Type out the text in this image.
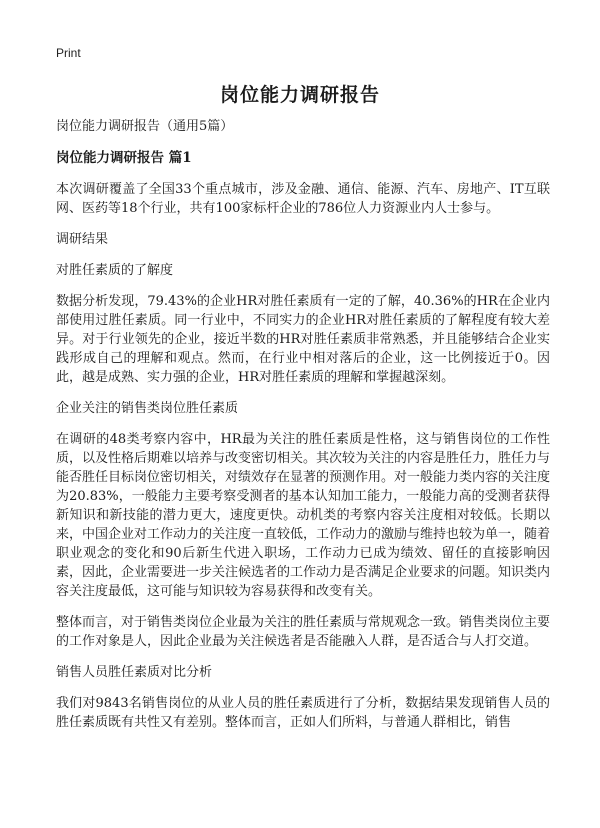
Print
岗位能力调研报告

岗位能力调研报告（通用5篇）

岗位能力调研报告 篇1

本次调研覆盖了全国33个重点城市，涉及金融、通信、能源、汽车、房地产、IT互联网、医药等18个行业，共有100家标杆企业的786位人力资源业内人士参与。

调研结果

对胜任素质的了解度

数据分析发现，79.43%的企业HR对胜任素质有一定的了解，40.36%的HR在企业内部使用过胜任素质。同一行业中，不同实力的企业HR对胜任素质的了解程度有较大差异。对于行业领先的企业，接近半数的HR对胜任素质非常熟悉，并且能够结合企业实践形成自己的理解和观点。然而，在行业中相对落后的企业，这一比例接近于0。因此，越是成熟、实力强的企业，HR对胜任素质的理解和掌握越深刻。

企业关注的销售类岗位胜任素质

在调研的48类考察内容中，HR最为关注的胜任素质是性格，这与销售岗位的工作性质，以及性格后期难以培养与改变密切相关。其次较为关注的内容是胜任力，胜任力与能否胜任目标岗位密切相关，对绩效存在显著的预测作用。对一般能力类内容的关注度为20.83%，一般能力主要考察受测者的基本认知加工能力，一般能力高的受测者获得新知识和新技能的潜力更大，速度更快。动机类的考察内容关注度相对较低。长期以来，中国企业对工作动力的关注度一直较低，工作动力的激励与维持也较为单一，随着职业观念的变化和90后新生代进入职场，工作动力已成为绩效、留任的直接影响因素，因此，企业需要进一步关注候选者的工作动力是否满足企业要求的问题。知识类内容关注度最低，这可能与知识较为容易获得和改变有关。

整体而言，对于销售类岗位企业最为关注的胜任素质与常规观念一致。销售类岗位主要的工作对象是人，因此企业最为关注候选者是否能融入人群，是否适合与人打交道。

销售人员胜任素质对比分析

我们对9843名销售岗位的从业人员的胜任素质进行了分析，数据结果发现销售人员的胜任素质既有共性又有差别。整体而言，正如人们所料，与普通人群相比，销售
